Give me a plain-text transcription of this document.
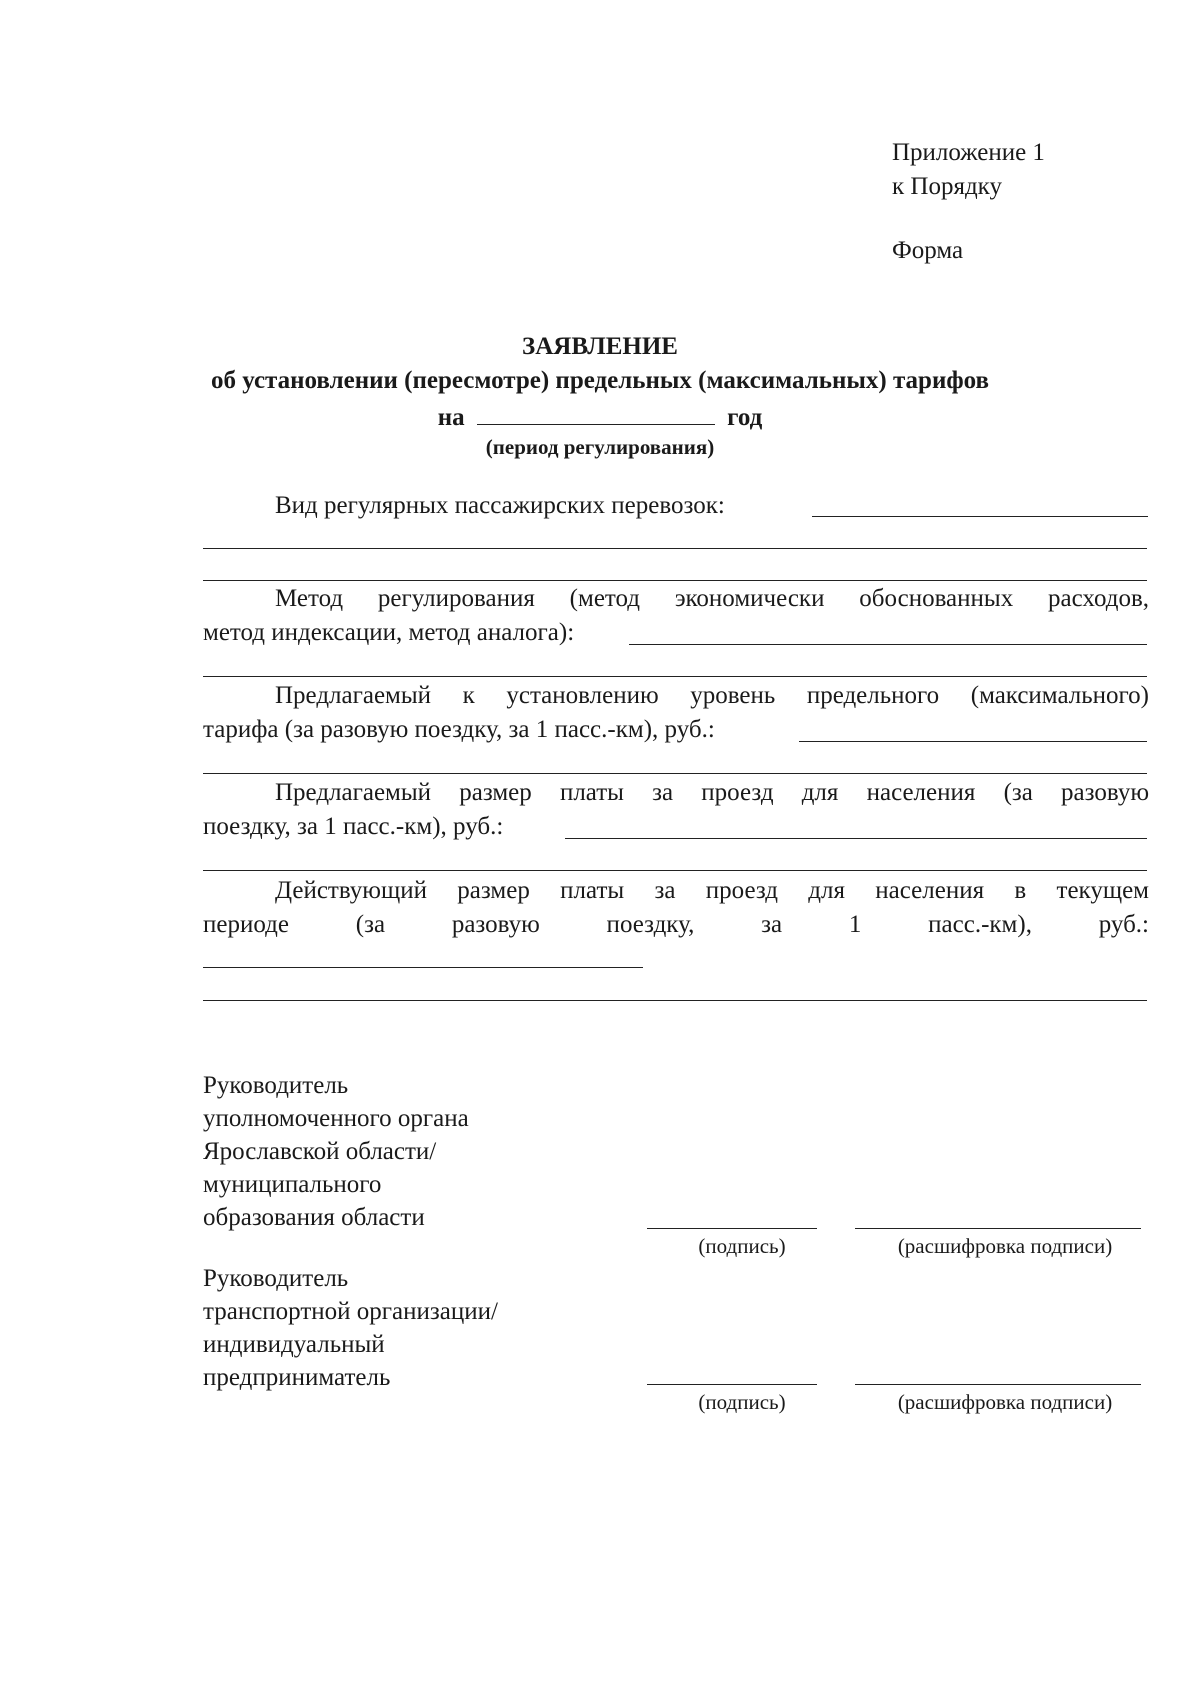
Приложение 1
к Порядку
Форма
ЗАЯВЛЕНИЕ
об установлении (пересмотре) предельных (максимальных) тарифов
на	год
(период регулирования)
Вид регулярных пассажирских перевозок:
Метод регулирования (метод экономически обоснованных расходов,
метод индексации, метод аналога):
Предлагаемый к установлению уровень предельного (максимального)
тарифа (за разовую поездку, за 1 пасс.-км), руб.:
Предлагаемый размер платы за проезд для населения (за разовую
поездку, за 1 пасс.-км), руб.:
Действующий размер платы за проезд для населения в текущем
периоде (за разовую поездку, за 1 пасс.-км), руб.:
Руководитель
уполномоченного органа
Ярославской области/
муниципального
образования области
(подпись)	(расшифровка подписи)
Руководитель
транспортной организации/
индивидуальный
предприниматель
(подпись)	(расшифровка подписи)
